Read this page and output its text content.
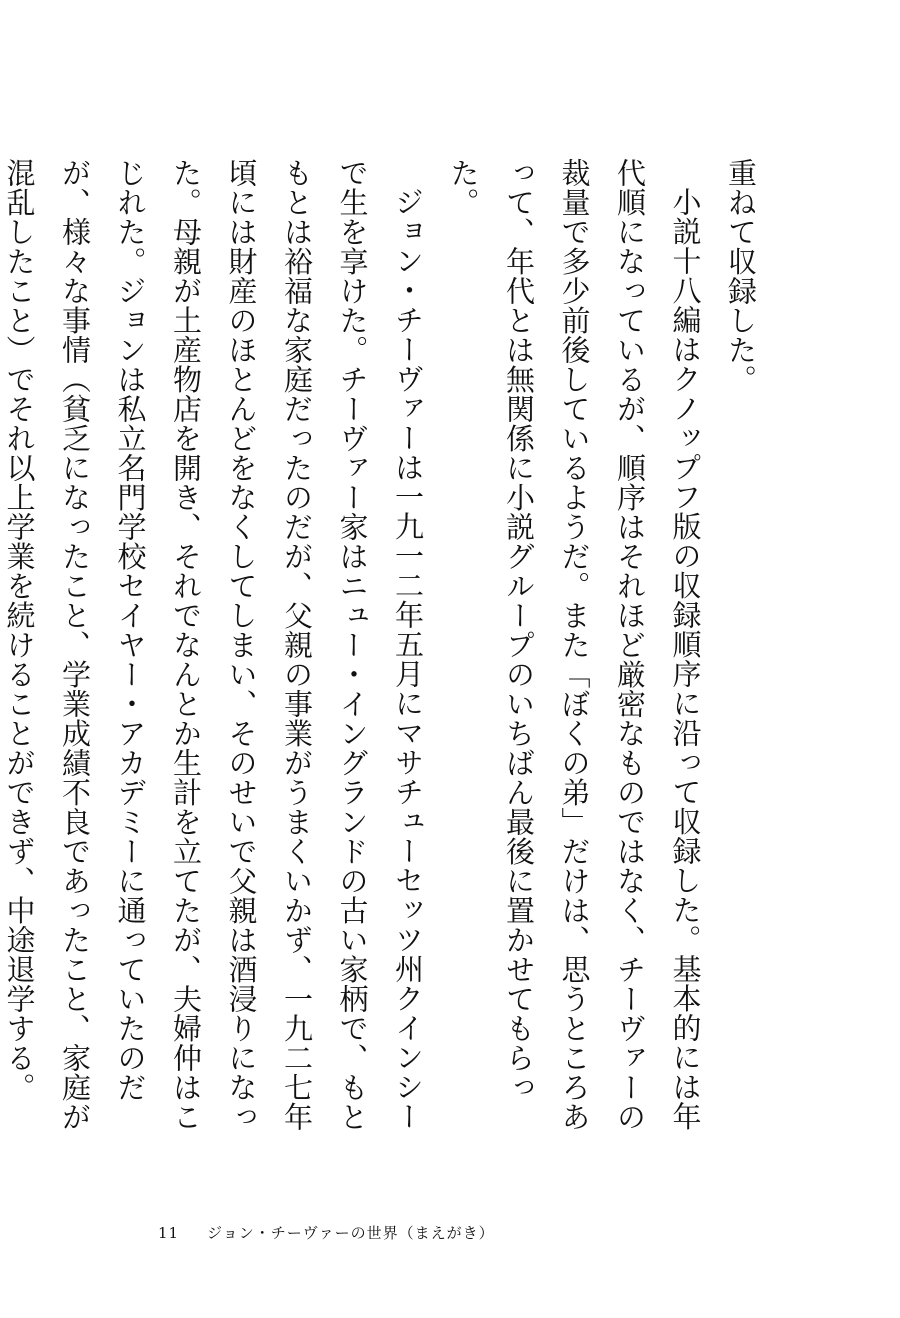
重ねて収録した。

小説十八編はクノップフ版の収録順序に沿って収録した。基本的には年代順になっているが、順序はそれほど厳密なものではなく、チーヴァーの裁量で多少前後しているようだ。また「ぼくの弟」だけは、思うところあって、年代とは無関係に小説グループのいちばん最後に置かせてもらった。

ジョン・チーヴァーは一九一二年五月にマサチューセッツ州クインシーで生を享けた。チーヴァー家はニュー・イングランドの古い家柄で、もともとは裕福な家庭だったのだが、父親の事業がうまくいかず、一九二七年頃には財産のほとんどをなくしてしまい、そのせいで父親は酒浸りになった。母親が土産物店を開き、それでなんとか生計を立てたが、夫婦仲はこじれた。ジョンは私立名門学校セイヤー・アカデミーに通っていたのだが、様々な事情（貧乏になったこと、学業成績不良であったこと、家庭が混乱したこと）でそれ以上学業を続けることができず、中途退学する。

11 ジョン・チーヴァーの世界（まえがき）
